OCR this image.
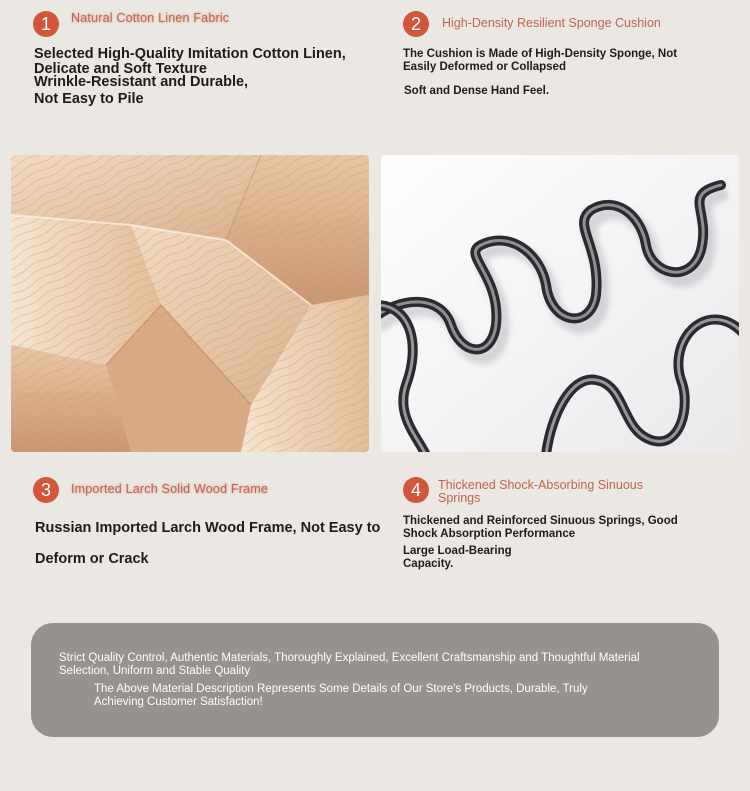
1	Natural Cotton Linen Fabric
Selected High-Quality Imitation Cotton Linen, Delicate and Soft Texture
Wrinkle-Resistant and Durable,
Not Easy to Pile
2	High-Density Resilient Sponge Cushion
The Cushion is Made of High-Density Sponge, Not Easily Deformed or Collapsed
Soft and Dense Hand Feel.
3	Imported Larch Solid Wood Frame
Russian Imported Larch Wood Frame, Not Easy to
Deform or Crack
4	Thickened Shock-Absorbing Sinuous Springs
Thickened and Reinforced Sinuous Springs, Good Shock Absorption Performance
Large Load-Bearing Capacity.
Strict Quality Control, Authentic Materials, Thoroughly Explained, Excellent Craftsmanship and Thoughtful Material Selection, Uniform and Stable Quality
The Above Material Description Represents Some Details of Our Store's Products, Durable, Truly Achieving Customer Satisfaction!
